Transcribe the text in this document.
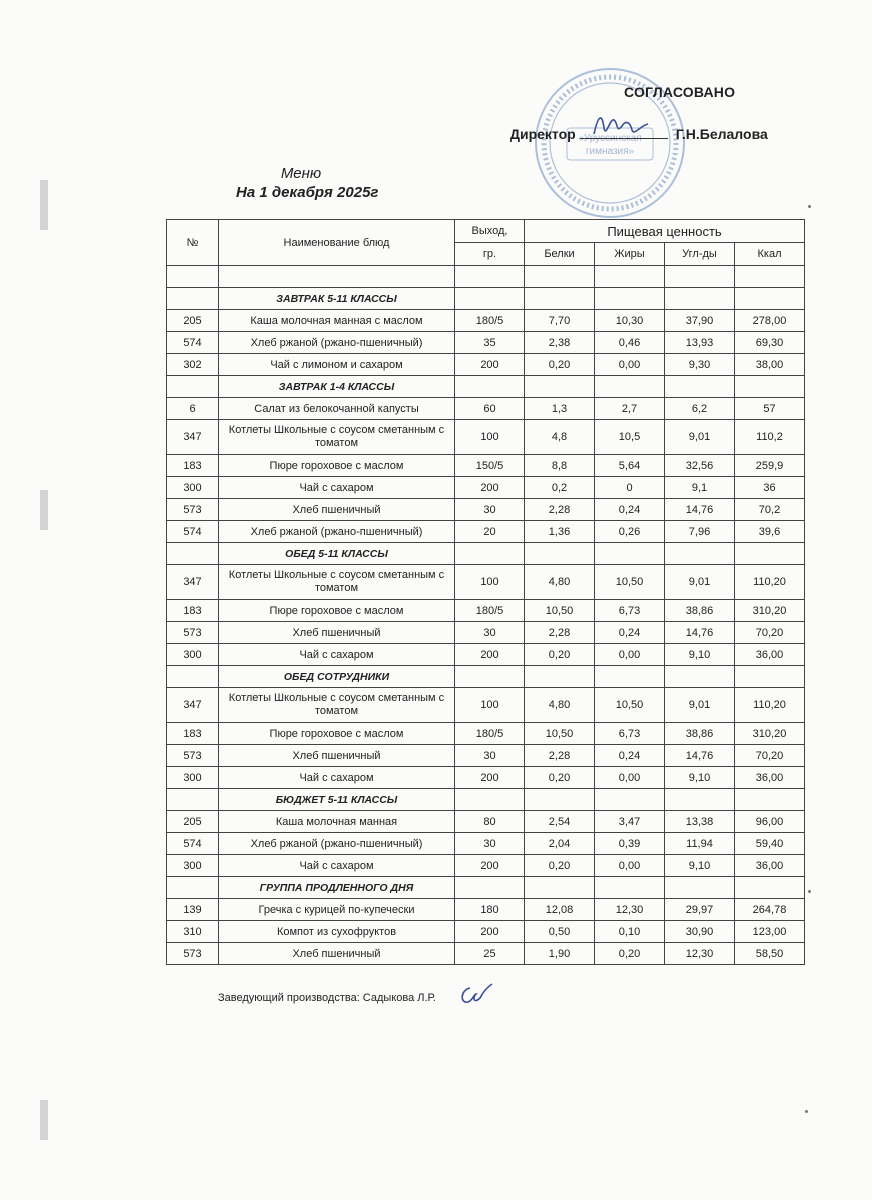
«Уруссинская
гимназия»
СОГЛАСОВАНО
Директор	Г.Н.Белалова
Меню
На 1 декабря 2025г
№	Наименование блюд	Выход,	Пищевая ценность			
		гр.	Белки	Жиры	Угл-ды	Ккал

	ЗАВТРАК 5-11 КЛАССЫ					
205	Каша молочная манная с маслом	180/5	7,70	10,30	37,90	278,00
574	Хлеб ржаной (ржано-пшеничный)	35	2,38	0,46	13,93	69,30
302	Чай с лимоном и сахаром	200	0,20	0,00	9,30	38,00
	ЗАВТРАК 1-4 КЛАССЫ					
6	Салат из белокочанной капусты	60	1,3	2,7	6,2	57
347	Котлеты Школьные с соусом сметанным с томатом	100	4,8	10,5	9,01	110,2
183	Пюре гороховое с маслом	150/5	8,8	5,64	32,56	259,9
300	Чай с сахаром	200	0,2	0	9,1	36
573	Хлеб пшеничный	30	2,28	0,24	14,76	70,2
574	Хлеб ржаной (ржано-пшеничный)	20	1,36	0,26	7,96	39,6
	ОБЕД 5-11 КЛАССЫ					
347	Котлеты Школьные с соусом сметанным с томатом	100	4,80	10,50	9,01	110,20
183	Пюре гороховое с маслом	180/5	10,50	6,73	38,86	310,20
573	Хлеб пшеничный	30	2,28	0,24	14,76	70,20
300	Чай с сахаром	200	0,20	0,00	9,10	36,00
	ОБЕД СОТРУДНИКИ					
347	Котлеты Школьные с соусом сметанным с томатом	100	4,80	10,50	9,01	110,20
183	Пюре гороховое с маслом	180/5	10,50	6,73	38,86	310,20
573	Хлеб пшеничный	30	2,28	0,24	14,76	70,20
300	Чай с сахаром	200	0,20	0,00	9,10	36,00
	БЮДЖЕТ 5-11 КЛАССЫ					
205	Каша молочная манная	80	2,54	3,47	13,38	96,00
574	Хлеб ржаной (ржано-пшеничный)	30	2,04	0,39	11,94	59,40
300	Чай с сахаром	200	0,20	0,00	9,10	36,00
	ГРУППА ПРОДЛЕННОГО ДНЯ					
139	Гречка с курицей по-купечески	180	12,08	12,30	29,97	264,78
310	Компот из сухофруктов	200	0,50	0,10	30,90	123,00
573	Хлеб пшеничный	25	1,90	0,20	12,30	58,50
Заведующий производства: Садыкова Л.Р.
